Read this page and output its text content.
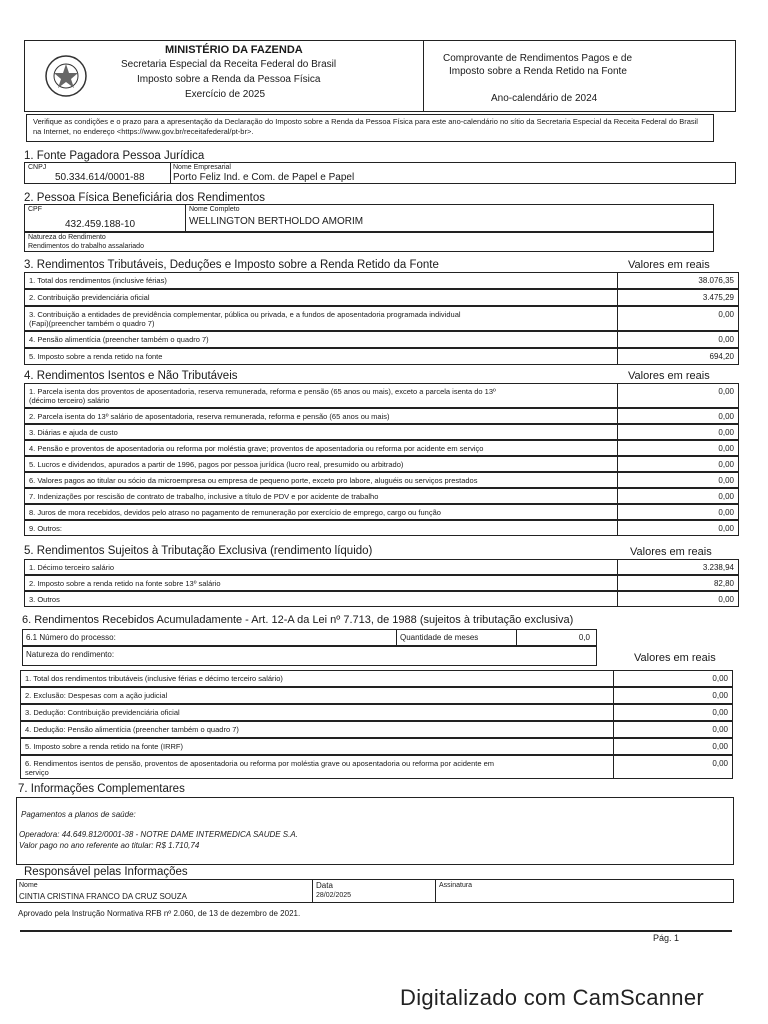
MINISTÉRIO DA FAZENDA
Secretaria Especial da Receita Federal do Brasil
Imposto sobre a Renda da Pessoa Física
Exercício de 2025
Comprovante de Rendimentos Pagos e de
Imposto sobre a Renda Retido na Fonte
Ano-calendário de 2024
Verifique as condições e o prazo para a apresentação da Declaração do Imposto sobre a Renda da Pessoa Física para este ano-calendário no sítio da Secretaria Especial da Receita Federal do Brasil na Internet, no endereço <https://www.gov.br/receitafederal/pt-br>.
1. Fonte Pagadora Pessoa Jurídica
CNPJ
50.334.614/0001-88
Nome Empresarial
Porto Feliz Ind. e Com. de Papel e Papel
2. Pessoa Física Beneficiária dos Rendimentos
CPF
432.459.188-10
Nome Completo
WELLINGTON BERTHOLDO AMORIM
Natureza do Rendimento
Rendimentos do trabalho assalariado
3. Rendimentos Tributáveis, Deduções e Imposto sobre a Renda Retido da Fonte	Valores em reais
1. Total dos rendimentos (inclusive férias)	38.076,35
2. Contribuição previdenciária oficial	3.475,29
3. Contribuição a entidades de previdência complementar, pública ou privada, e a fundos de aposentadoria programada individual
(Fapi)(preencher também o quadro 7)
0,00
4. Pensão alimentícia (preencher também o quadro 7)	0,00
5. Imposto sobre a renda retido na fonte	694,20
4. Rendimentos Isentos e Não Tributáveis	Valores em reais
1. Parcela isenta dos proventos de aposentadoria, reserva remunerada, reforma e pensão (65 anos ou mais), exceto a parcela isenta do 13º
(décimo terceiro) salário
0,00
2. Parcela isenta do 13º salário de aposentadoria, reserva remunerada, reforma e pensão (65 anos ou mais)	0,00
3. Diárias e ajuda de custo	0,00
4. Pensão e proventos de aposentadoria ou reforma por moléstia grave; proventos de aposentadoria ou reforma por acidente em serviço	0,00
5. Lucros e dividendos, apurados a partir de 1996, pagos por pessoa jurídica (lucro real, presumido ou arbitrado)	0,00
6. Valores pagos ao titular ou sócio da microempresa ou empresa de pequeno porte, exceto pro labore, aluguéis ou serviços prestados	0,00
7. Indenizações por rescisão de contrato de trabalho, inclusive a título de PDV e por acidente de trabalho	0,00
8. Juros de mora recebidos, devidos pelo atraso no pagamento de remuneração por exercício de emprego, cargo ou função	0,00
9. Outros:	0,00
5. Rendimentos Sujeitos à Tributação Exclusiva (rendimento líquido)	Valores em reais
1. Décimo terceiro salário	3.238,94
2. Imposto sobre a renda retido na fonte sobre 13º salário	82,80
3. Outros	0,00
6. Rendimentos Recebidos Acumuladamente - Art. 12-A da Lei nº 7.713, de 1988 (sujeitos à tributação exclusiva)
6.1 Número do processo:	Quantidade de meses	0,0
Natureza do rendimento:	Valores em reais
1. Total dos rendimentos tributáveis (inclusive férias e décimo terceiro salário)	0,00
2. Exclusão: Despesas com a ação judicial	0,00
3. Dedução: Contribuição previdenciária oficial	0,00
4. Dedução: Pensão alimentícia (preencher também o quadro 7)	0,00
5. Imposto sobre a renda retido na fonte (IRRF)	0,00
6. Rendimentos isentos de pensão, proventos de aposentadoria ou reforma por moléstia grave ou aposentadoria ou reforma por acidente em
serviço
0,00
7. Informações Complementares
Pagamentos a planos de saúde:
Operadora: 44.649.812/0001-38 - NOTRE DAME INTERMEDICA SAUDE S.A.
Valor pago no ano referente ao titular: R$ 1.710,74
Responsável pelas Informações
Nome
CINTIA CRISTINA FRANCO DA CRUZ SOUZA
Data
28/02/2025
Assinatura
Aprovado pela Instrução Normativa RFB nº 2.060, de 13 de dezembro de 2021.
Pág. 1
Digitalizado com CamScanner
